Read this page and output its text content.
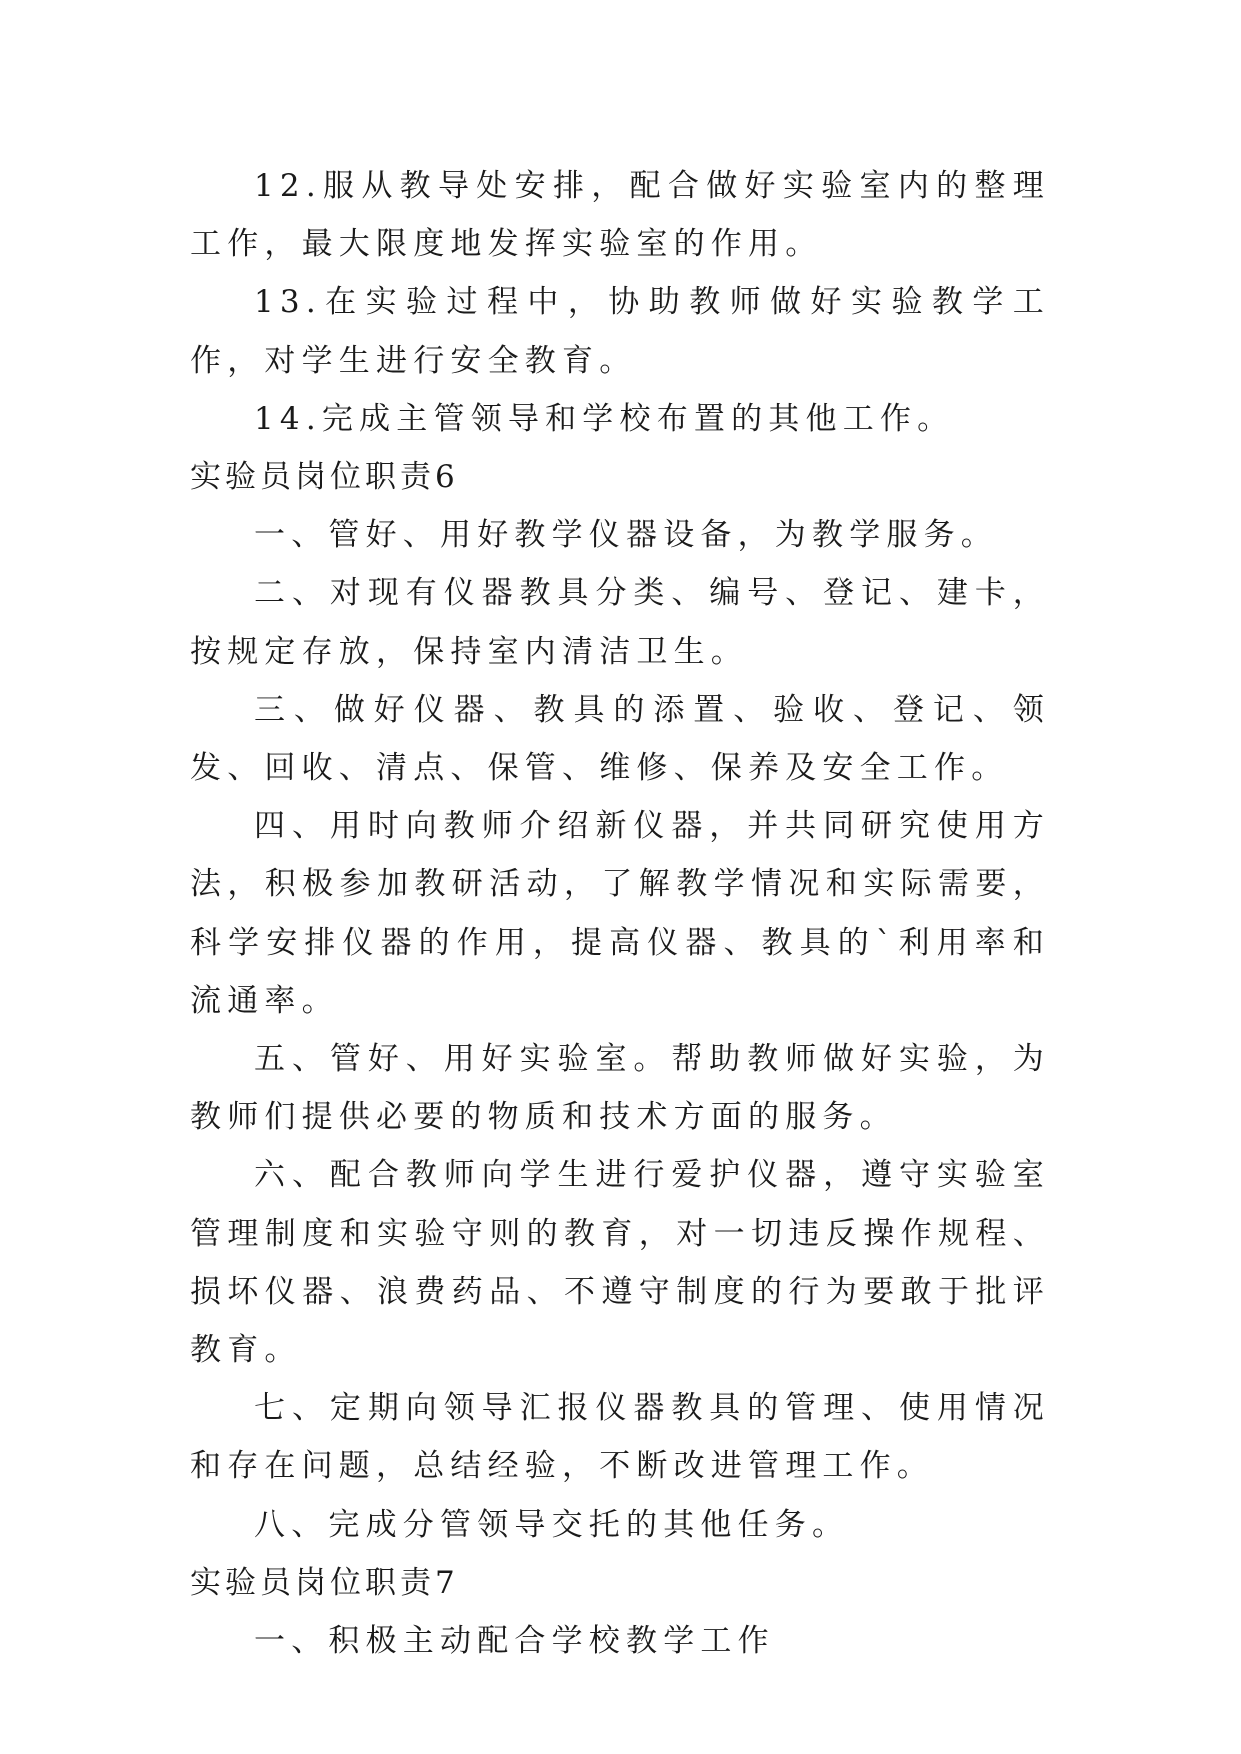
12.服从教导处安排，配合做好实验室内的整理工作，最大限度地发挥实验室的作用。

13.在实验过程中，协助教师做好实验教学工作，对学生进行安全教育。

14.完成主管领导和学校布置的其他工作。

实验员岗位职责6

一、管好、用好教学仪器设备，为教学服务。

二、对现有仪器教具分类、编号、登记、建卡，按规定存放，保持室内清洁卫生。

三、做好仪器、教具的添置、验收、登记、领发、回收、清点、保管、维修、保养及安全工作。

四、用时向教师介绍新仪器，并共同研究使用方法，积极参加教研活动，了解教学情况和实际需要，科学安排仪器的作用，提高仪器、教具的`利用率和流通率。

五、管好、用好实验室。帮助教师做好实验，为教师们提供必要的物质和技术方面的服务。

六、配合教师向学生进行爱护仪器，遵守实验室管理制度和实验守则的教育，对一切违反操作规程、损坏仪器、浪费药品、不遵守制度的行为要敢于批评教育。

七、定期向领导汇报仪器教具的管理、使用情况和存在问题，总结经验，不断改进管理工作。

八、完成分管领导交托的其他任务。

实验员岗位职责7

一、积极主动配合学校教学工作
